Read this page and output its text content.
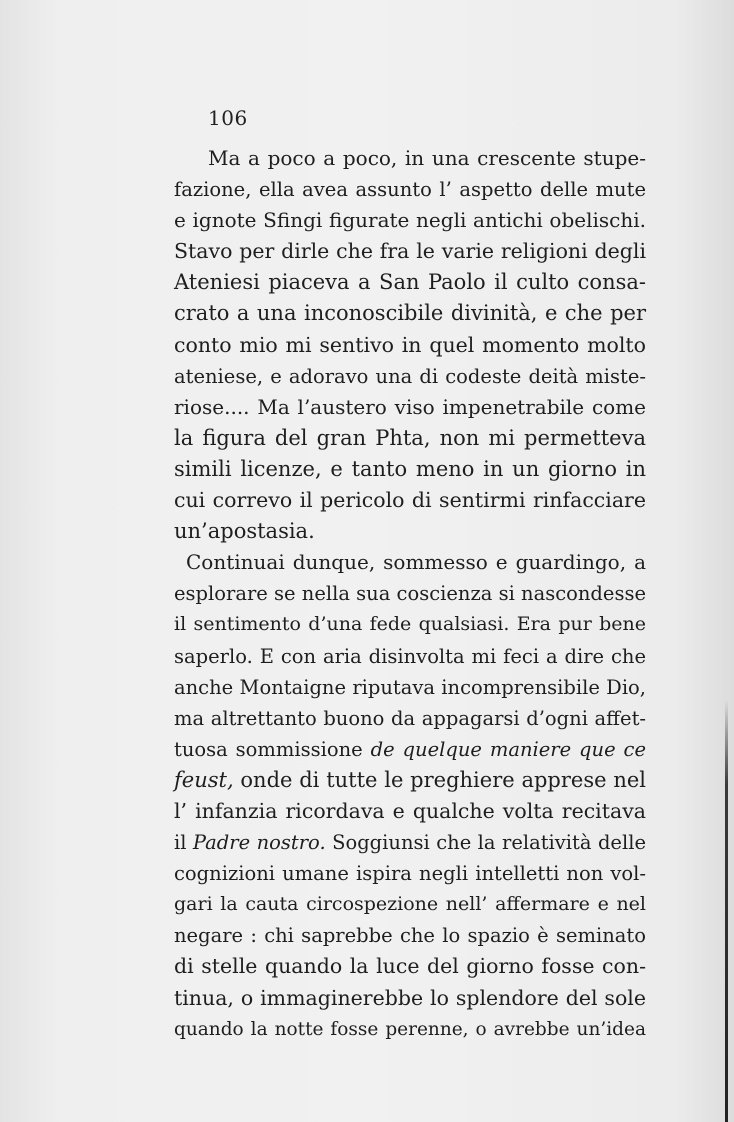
106
Ma a poco a poco, in una crescente stupe-
fazione, ella avea assunto l’ aspetto delle mute
e ignote Sfingi figurate negli antichi obelischi.
Stavo per dirle che fra le varie religioni degli
Ateniesi piaceva a San Paolo il culto consa-
crato a una inconoscibile divinità, e che per
conto mio mi sentivo in quel momento molto
ateniese, e adoravo una di codeste deità miste-
riose.... Ma l’austero viso impenetrabile come
la figura del gran Phta, non mi permetteva
simili licenze, e tanto meno in un giorno in
cui correvo il pericolo di sentirmi rinfacciare
un’apostasia.
Continuai dunque, sommesso e guardingo, a
esplorare se nella sua coscienza si nascondesse
il sentimento d’una fede qualsiasi. Era pur bene
saperlo. E con aria disinvolta mi feci a dire che
anche Montaigne riputava incomprensibile Dio,
ma altrettanto buono da appagarsi d’ogni affet-
tuosa sommissione de quelque maniere que ce
feust, onde di tutte le preghiere apprese nel
l’ infanzia ricordava e qualche volta recitava
il Padre nostro. Soggiunsi che la relatività delle
cognizioni umane ispira negli intelletti non vol-
gari la cauta circospezione nell’ affermare e nel
negare : chi saprebbe che lo spazio è seminato
di stelle quando la luce del giorno fosse con-
tinua, o immaginerebbe lo splendore del sole
quando la notte fosse perenne, o avrebbe un’idea
